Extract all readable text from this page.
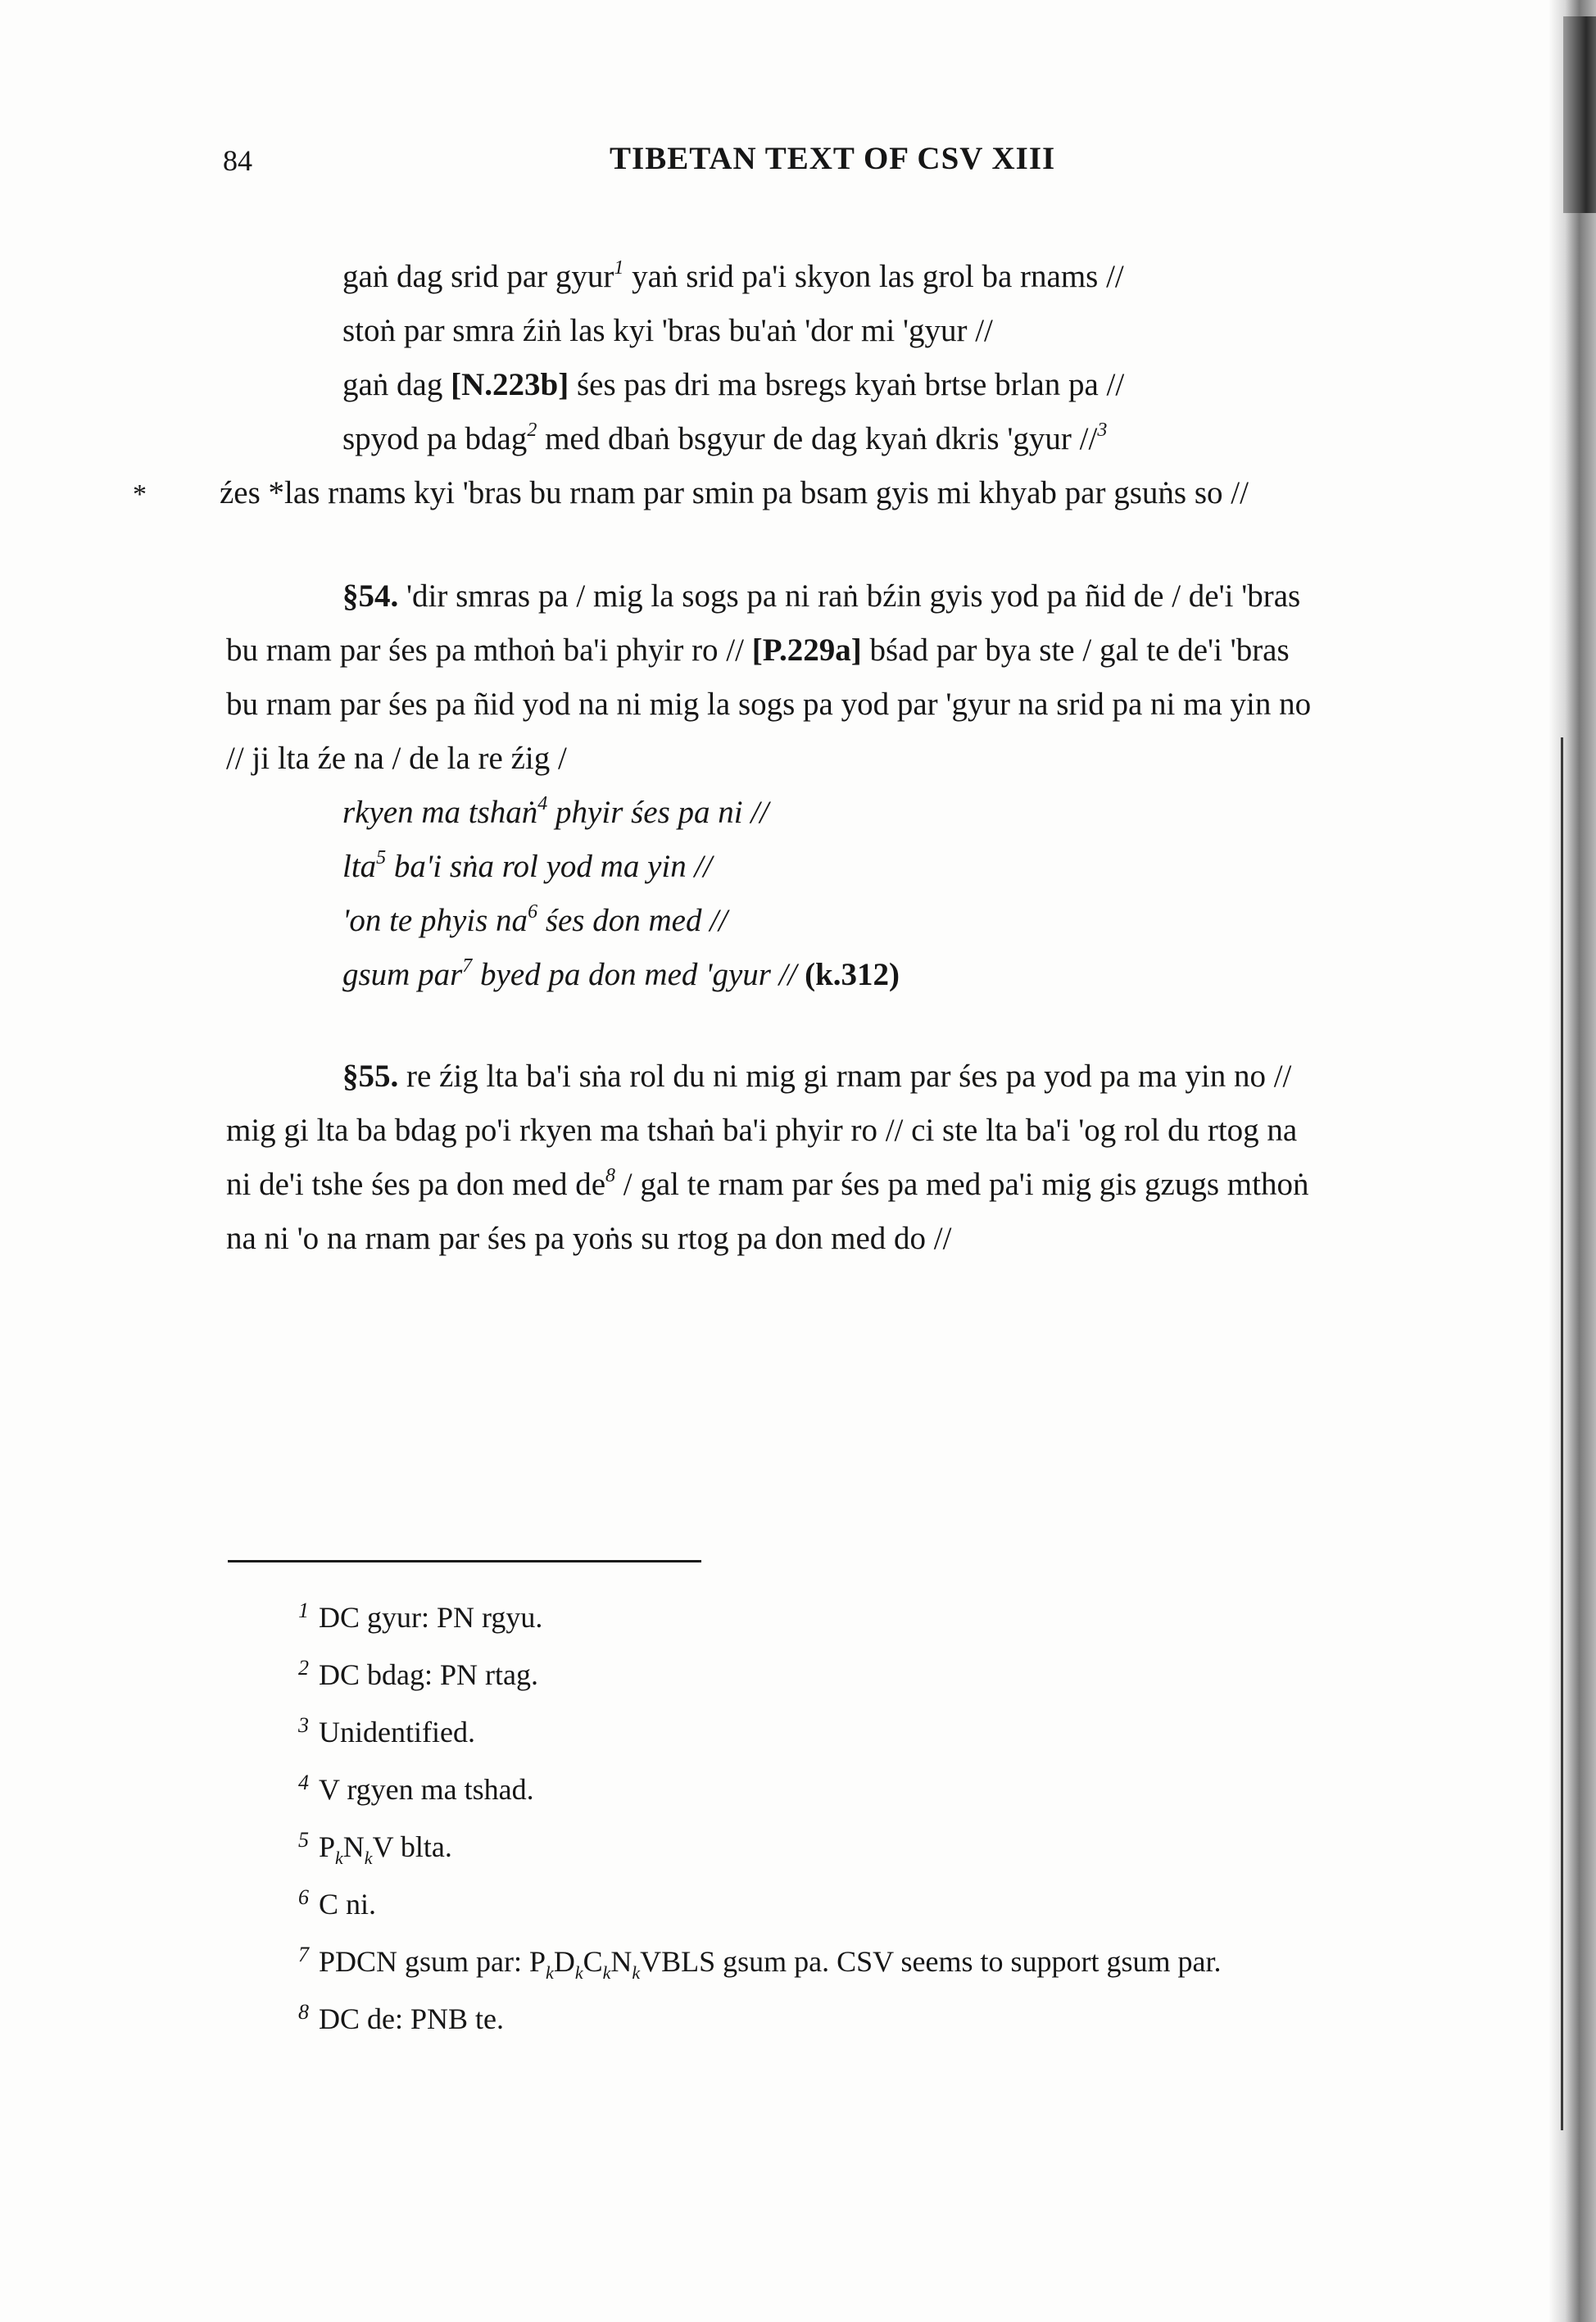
84	TIBETAN TEXT OF CSV XIII
gaṅ dag srid par gyur$^1$ yaṅ srid pa'i skyon las grol ba rnams //
stoṅ par smra źiṅ las kyi 'bras bu'aṅ 'dor mi 'gyur //
gaṅ dag [N.223b] śes pas dri ma bsregs kyaṅ brtse brlan pa //
spyod pa bdag$^2$ med dbaṅ bsgyur de dag kyaṅ dkris 'gyur //$^3$
* źes *las rnams kyi 'bras bu rnam par smin pa bsam gyis mi khyab par gsuṅs so //
§54. 'dir smras pa / mig la sogs pa ni raṅ bźin gyis yod pa ñid de / de'i 'bras
bu rnam par śes pa mthoṅ ba'i phyir ro // [P.229a] bśad par bya ste / gal te de'i 'bras
bu rnam par śes pa ñid yod na ni mig la sogs pa yod par 'gyur na srid pa ni ma yin no
// ji lta źe na / de la re źig /
rkyen ma tshaṅ$^4$ phyir śes pa ni //
lta$^5$ ba'i sṅa rol yod ma yin //
'on te phyis $na^6$ śes don med //
gsum par$^7$ byed pa don med 'gyur // (k.312)
§55. re źig lta ba'i sṅa rol du ni mig gi rnam par śes pa yod pa ma yin no //
mig gi lta ba bdag po'i rkyen ma tshaṅ ba'i phyir ro // ci ste lta ba'i 'og rol du rtog na
ni de'i tshe śes pa don med $de^8$ / gal te rnam par śes pa med pa'i mig gis gzugs mthoṅ
na ni 'o na rnam par śes pa yoṅs su rtog pa don med do //
$^1$ DC gyur: PN rgyu.
$^2$ DC bdag: PN rtag.
$^3$ Unidentified.
$^4$ V rgyen ma tshad.
$^5$ $P_kN_kV$ blta.
$^6$ C ni.
$^7$ PDCN gsum par: $P_kD_kC_kN_kVBLS$ gsum pa. CSV seems to support gsum par.
$^8$ DC de: PNB te.
